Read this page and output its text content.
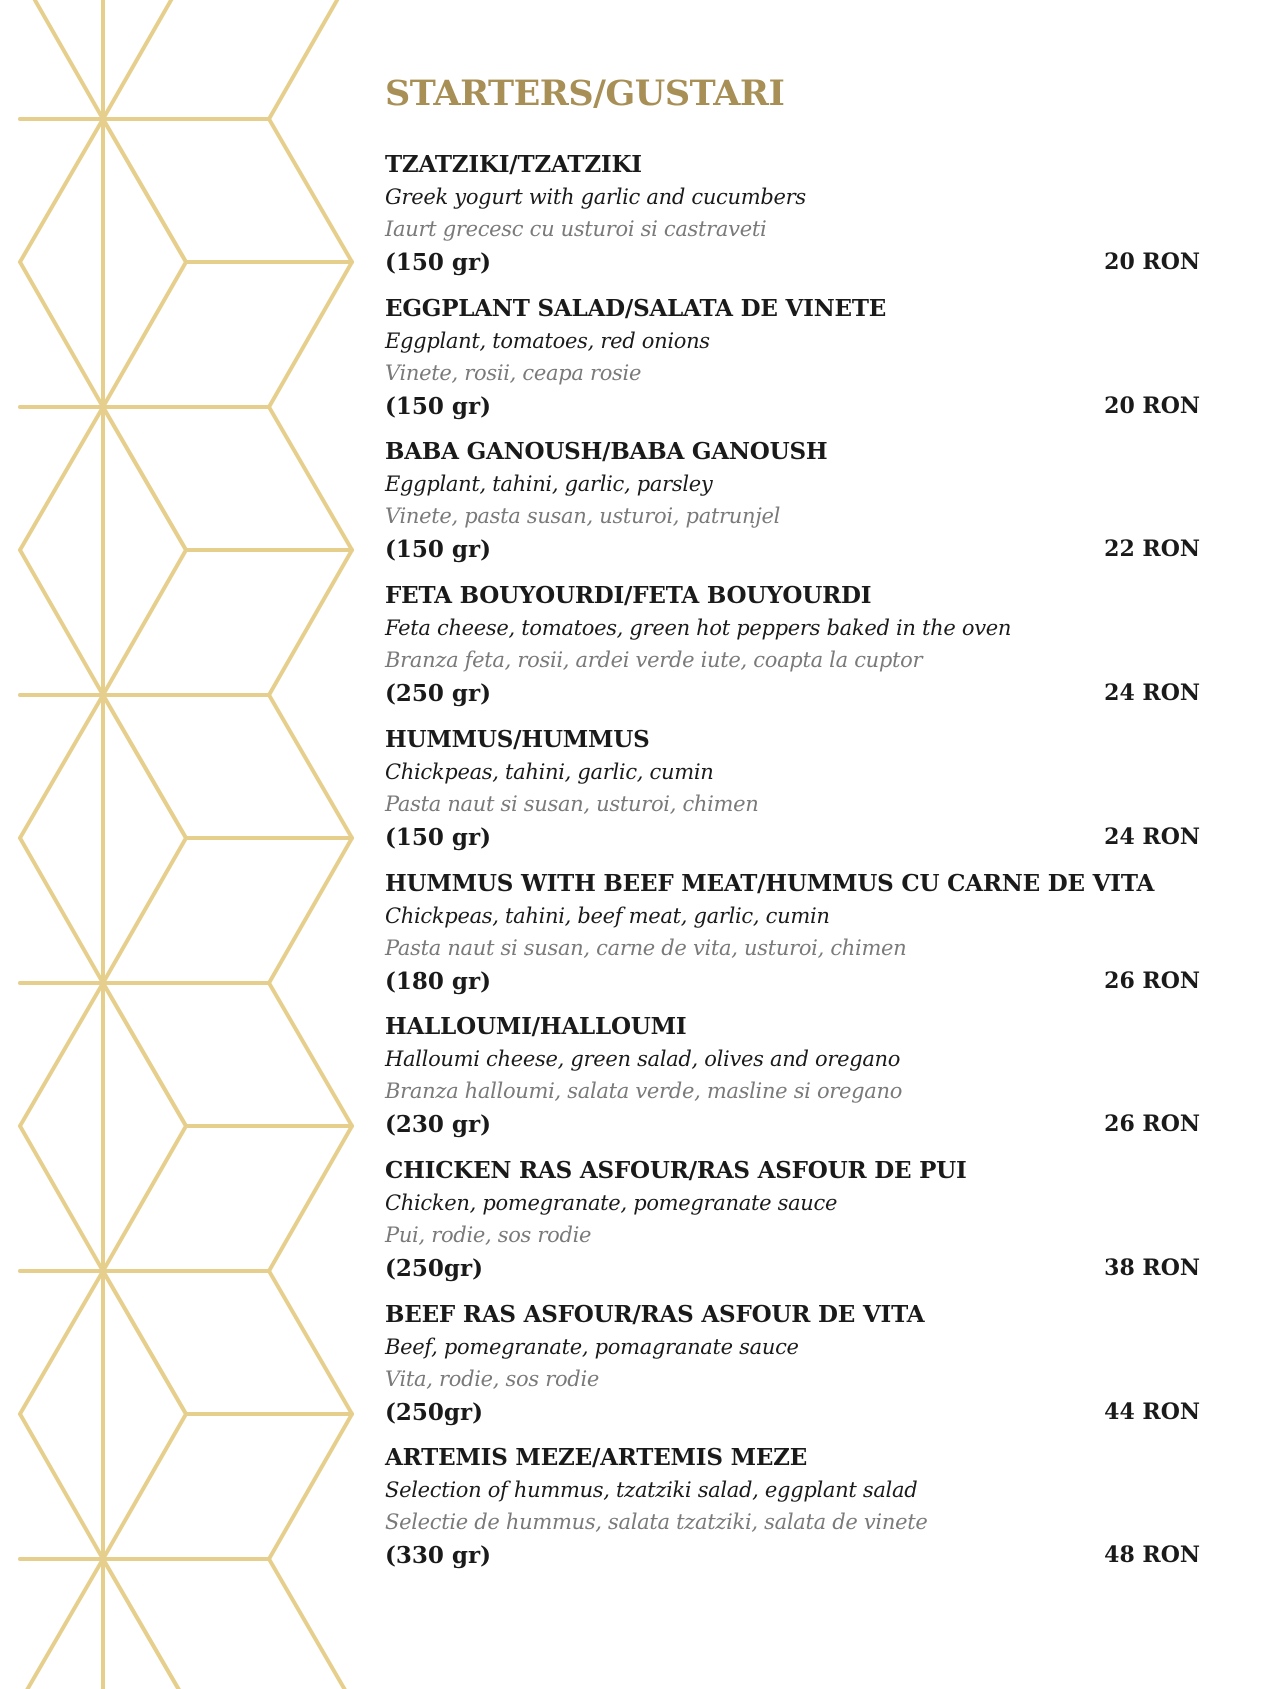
STARTERS/GUSTARI
TZATZIKI/TZATZIKI
Greek yogurt with garlic and cucumbers
Iaurt grecesc cu usturoi si castraveti
(150 gr)	20 RON
EGGPLANT SALAD/SALATA DE VINETE
Eggplant, tomatoes, red onions
Vinete, rosii, ceapa rosie
(150 gr)	20 RON
BABA GANOUSH/BABA GANOUSH
Eggplant, tahini, garlic, parsley
Vinete, pasta susan, usturoi, patrunjel
(150 gr)	22 RON
FETA BOUYOURDI/FETA BOUYOURDI
Feta cheese, tomatoes, green hot peppers baked in the oven
Branza feta, rosii, ardei verde iute, coapta la cuptor
(250 gr)	24 RON
HUMMUS/HUMMUS
Chickpeas, tahini, garlic, cumin
Pasta naut si susan, usturoi, chimen
(150 gr)	24 RON
HUMMUS WITH BEEF MEAT/HUMMUS CU CARNE DE VITA
Chickpeas, tahini, beef meat, garlic, cumin
Pasta naut si susan, carne de vita, usturoi, chimen
(180 gr)	26 RON
HALLOUMI/HALLOUMI
Halloumi cheese, green salad, olives and oregano
Branza halloumi, salata verde, masline si oregano
(230 gr)	26 RON
CHICKEN RAS ASFOUR/RAS ASFOUR DE PUI
Chicken, pomegranate, pomegranate sauce
Pui, rodie, sos rodie
(250gr)	38 RON
BEEF RAS ASFOUR/RAS ASFOUR DE VITA
Beef, pomegranate, pomagranate sauce
Vita, rodie, sos rodie
(250gr)	44 RON
ARTEMIS MEZE/ARTEMIS MEZE
Selection of hummus, tzatziki salad, eggplant salad
Selectie de hummus, salata tzatziki, salata de vinete
(330 gr)	48 RON
